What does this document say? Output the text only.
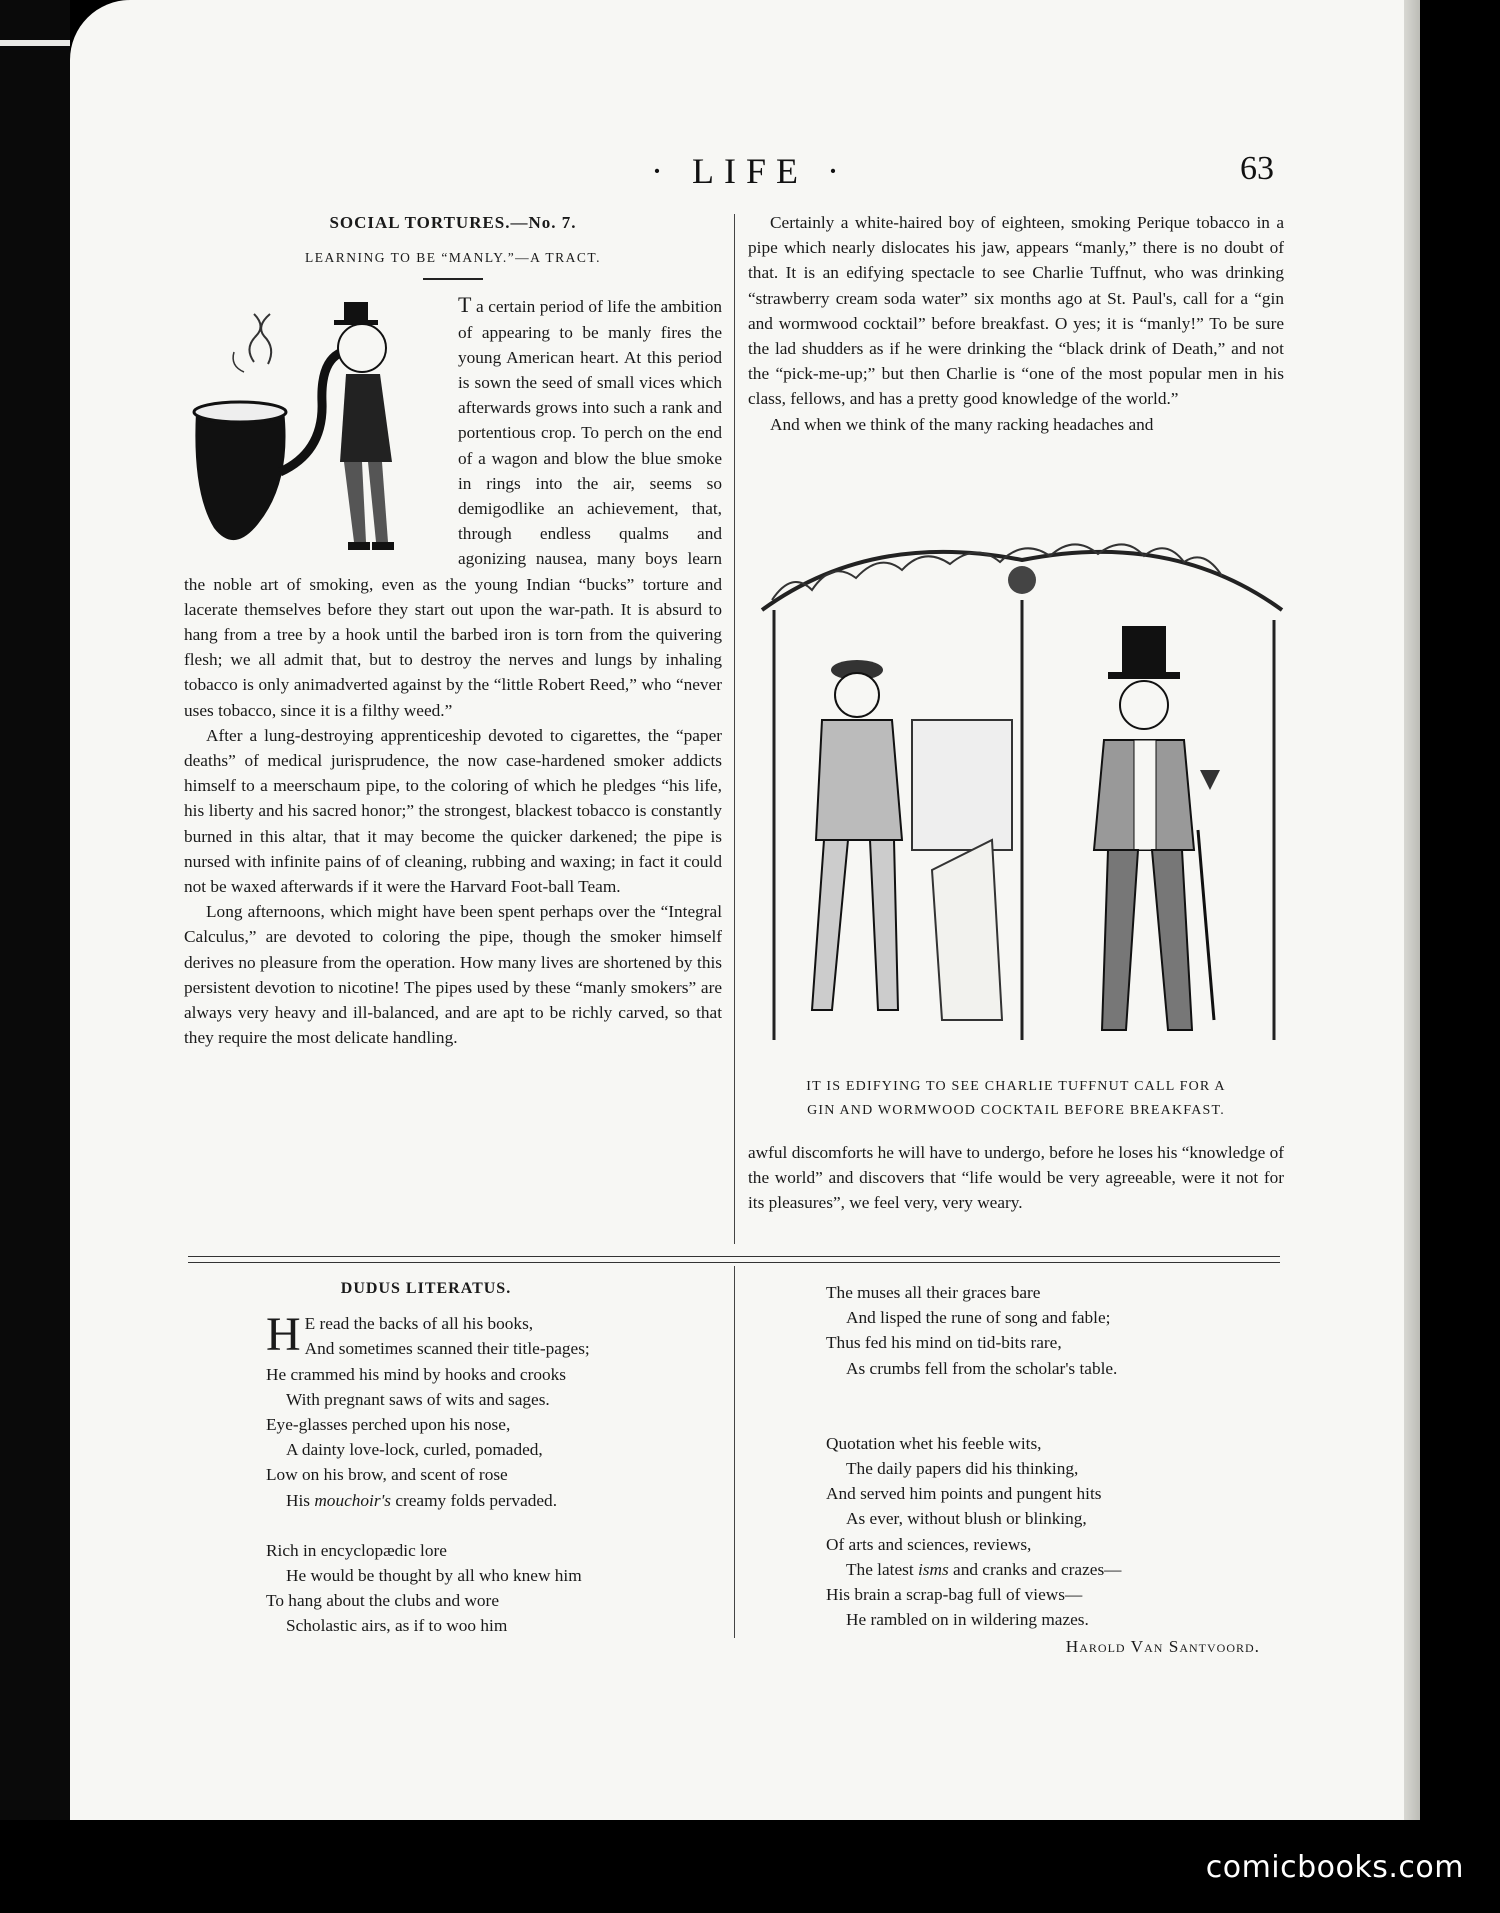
· LIFE ·	63
SOCIAL TORTURES.—No. 7.
LEARNING TO BE “MANLY.”—A TRACT.

T a certain period of life the ambition of appearing to be manly fires the young American heart. At this period is sown the seed of small vices which afterwards grows into such a rank and portentious crop. To perch on the end of a wagon and blow the blue smoke in rings into the air, seems so demigodlike an achievement, that, through endless qualms and agonizing nausea, many boys learn the noble art of smoking, even as the young Indian “bucks” torture and lacerate themselves before they start out upon the war-path. It is absurd to hang from a tree by a hook until the barbed iron is torn from the quivering flesh; we all admit that, but to destroy the nerves and lungs by inhaling tobacco is only animadverted against by the “little Robert Reed,” who “never uses tobacco, since it is a filthy weed.”

After a lung-destroying apprenticeship devoted to cigarettes, the “paper deaths” of medical jurisprudence, the now case-hardened smoker addicts himself to a meerschaum pipe, to the coloring of which he pledges “his life, his liberty and his sacred honor;” the strongest, blackest tobacco is constantly burned in this altar, that it may become the quicker darkened; the pipe is nursed with infinite pains of of cleaning, rubbing and waxing; in fact it could not be waxed afterwards if it were the Harvard Foot-ball Team.

Long afternoons, which might have been spent perhaps over the “Integral Calculus,” are devoted to coloring the pipe, though the smoker himself derives no pleasure from the operation. How many lives are shortened by this persistent devotion to nicotine! The pipes used by these “manly smokers” are always very heavy and ill-balanced, and are apt to be richly carved, so that they require the most delicate handling.

Certainly a white-haired boy of eighteen, smoking Perique tobacco in a pipe which nearly dislocates his jaw, appears “manly,” there is no doubt of that. It is an edifying spectacle to see Charlie Tuffnut, who was drinking “strawberry cream soda water” six months ago at St. Paul's, call for a “gin and wormwood cocktail” before breakfast. O yes; it is “manly!” To be sure the lad shudders as if he were drinking the “black drink of Death,” and not the “pick-me-up;” but then Charlie is “one of the most popular men in his class, fellows, and has a pretty good knowledge of the world.”

And when we think of the many racking headaches and

IT IS EDIFYING TO SEE CHARLIE TUFFNUT CALL FOR A
GIN AND WORMWOOD COCKTAIL BEFORE BREAKFAST.

awful discomforts he will have to undergo, before he loses his “knowledge of the world” and discovers that “life would be very agreeable, were it not for its pleasures”, we feel very, very weary.

DUDUS LITERATUS.
H E read the backs of all his books,
And sometimes scanned their title-pages;
He crammed his mind by hooks and crooks
With pregnant saws of wits and sages.
Eye-glasses perched upon his nose,
A dainty love-lock, curled, pomaded,
Low on his brow, and scent of rose
His mouchoir's creamy folds pervaded.
Rich in encyclopædic lore
He would be thought by all who knew him
To hang about the clubs and wore
Scholastic airs, as if to woo him
The muses all their graces bare
And lisped the rune of song and fable;
Thus fed his mind on tid-bits rare,
As crumbs fell from the scholar's table.
Quotation whet his feeble wits,
The daily papers did his thinking,
And served him points and pungent hits
As ever, without blush or blinking,
Of arts and sciences, reviews,
The latest isms and cranks and crazes—
His brain a scrap-bag full of views—
He rambled on in wildering mazes.
Harold Van Santvoord.
comicbooks.com
